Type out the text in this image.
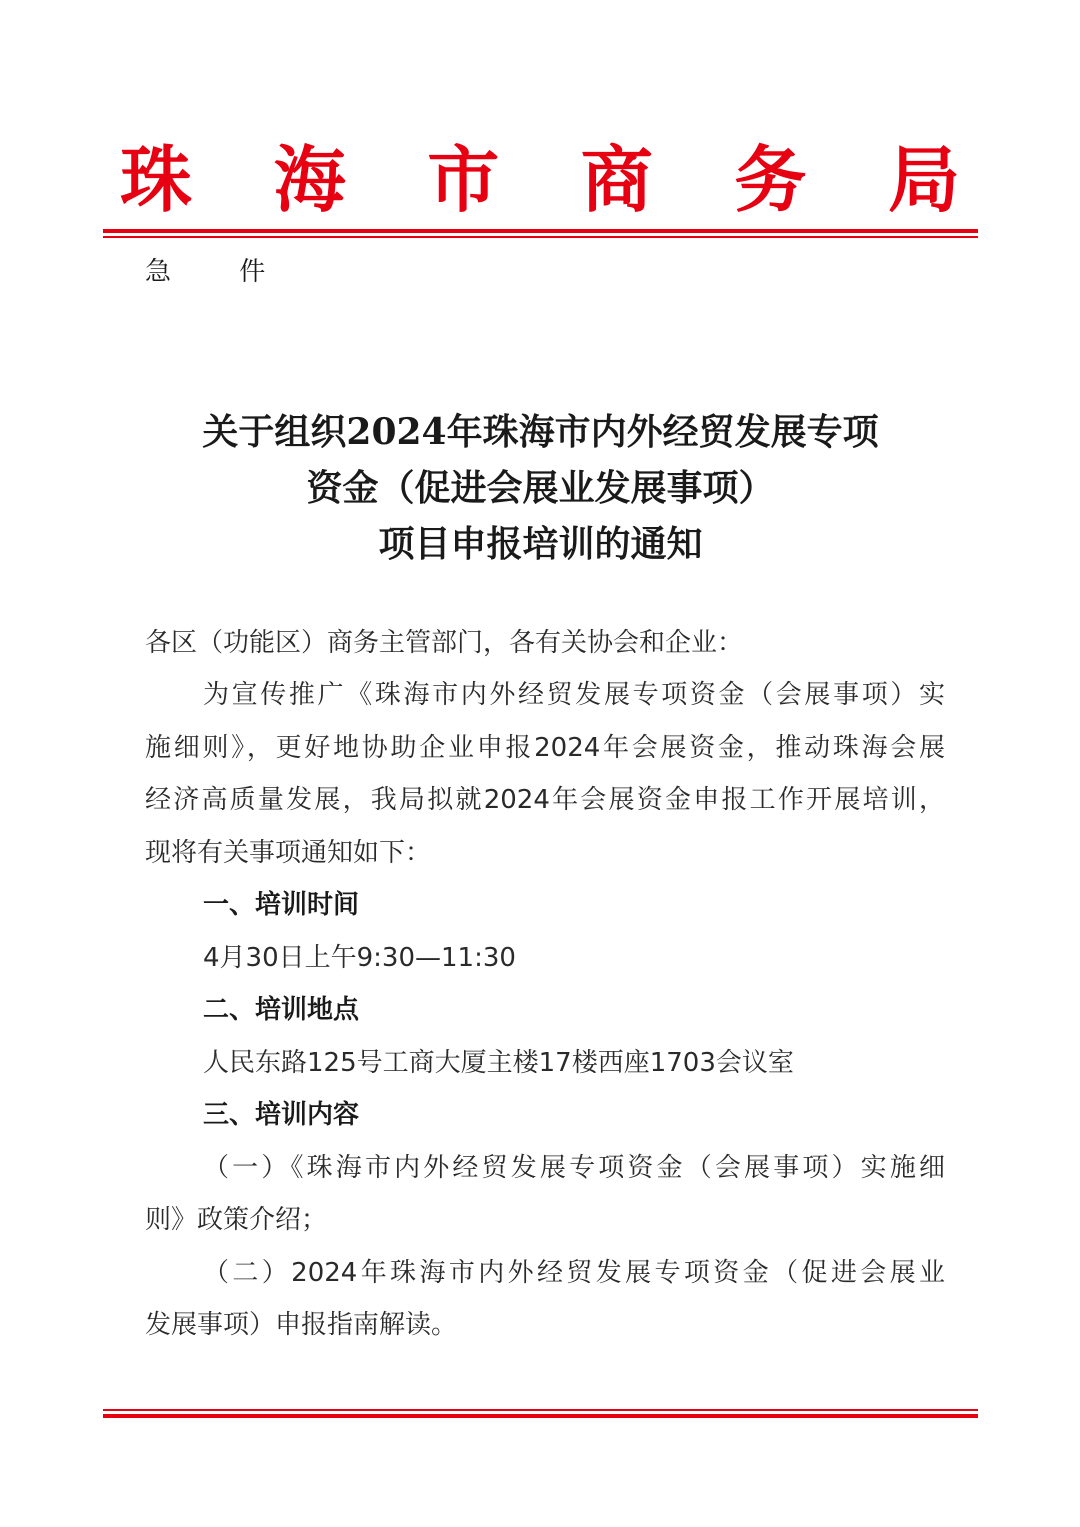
珠 海 市 商 务 局
急 件
关于组织2024年珠海市内外经贸发展专项
资金（促进会展业发展事项）
项目申报培训的通知
各区（功能区）商务主管部门，各有关协会和企业：
为宣传推广《珠海市内外经贸发展专项资金（会展事项）实
施细则》，更好地协助企业申报2024年会展资金，推动珠海会展
经济高质量发展，我局拟就2024年会展资金申报工作开展培训，
现将有关事项通知如下：
一、培训时间
4月30日上午9:30—11:30
二、培训地点
人民东路125号工商大厦主楼17楼西座1703会议室
三、培训内容
（一）《珠海市内外经贸发展专项资金（会展事项）实施细
则》政策介绍；
（二）2024年珠海市内外经贸发展专项资金（促进会展业
发展事项）申报指南解读。
